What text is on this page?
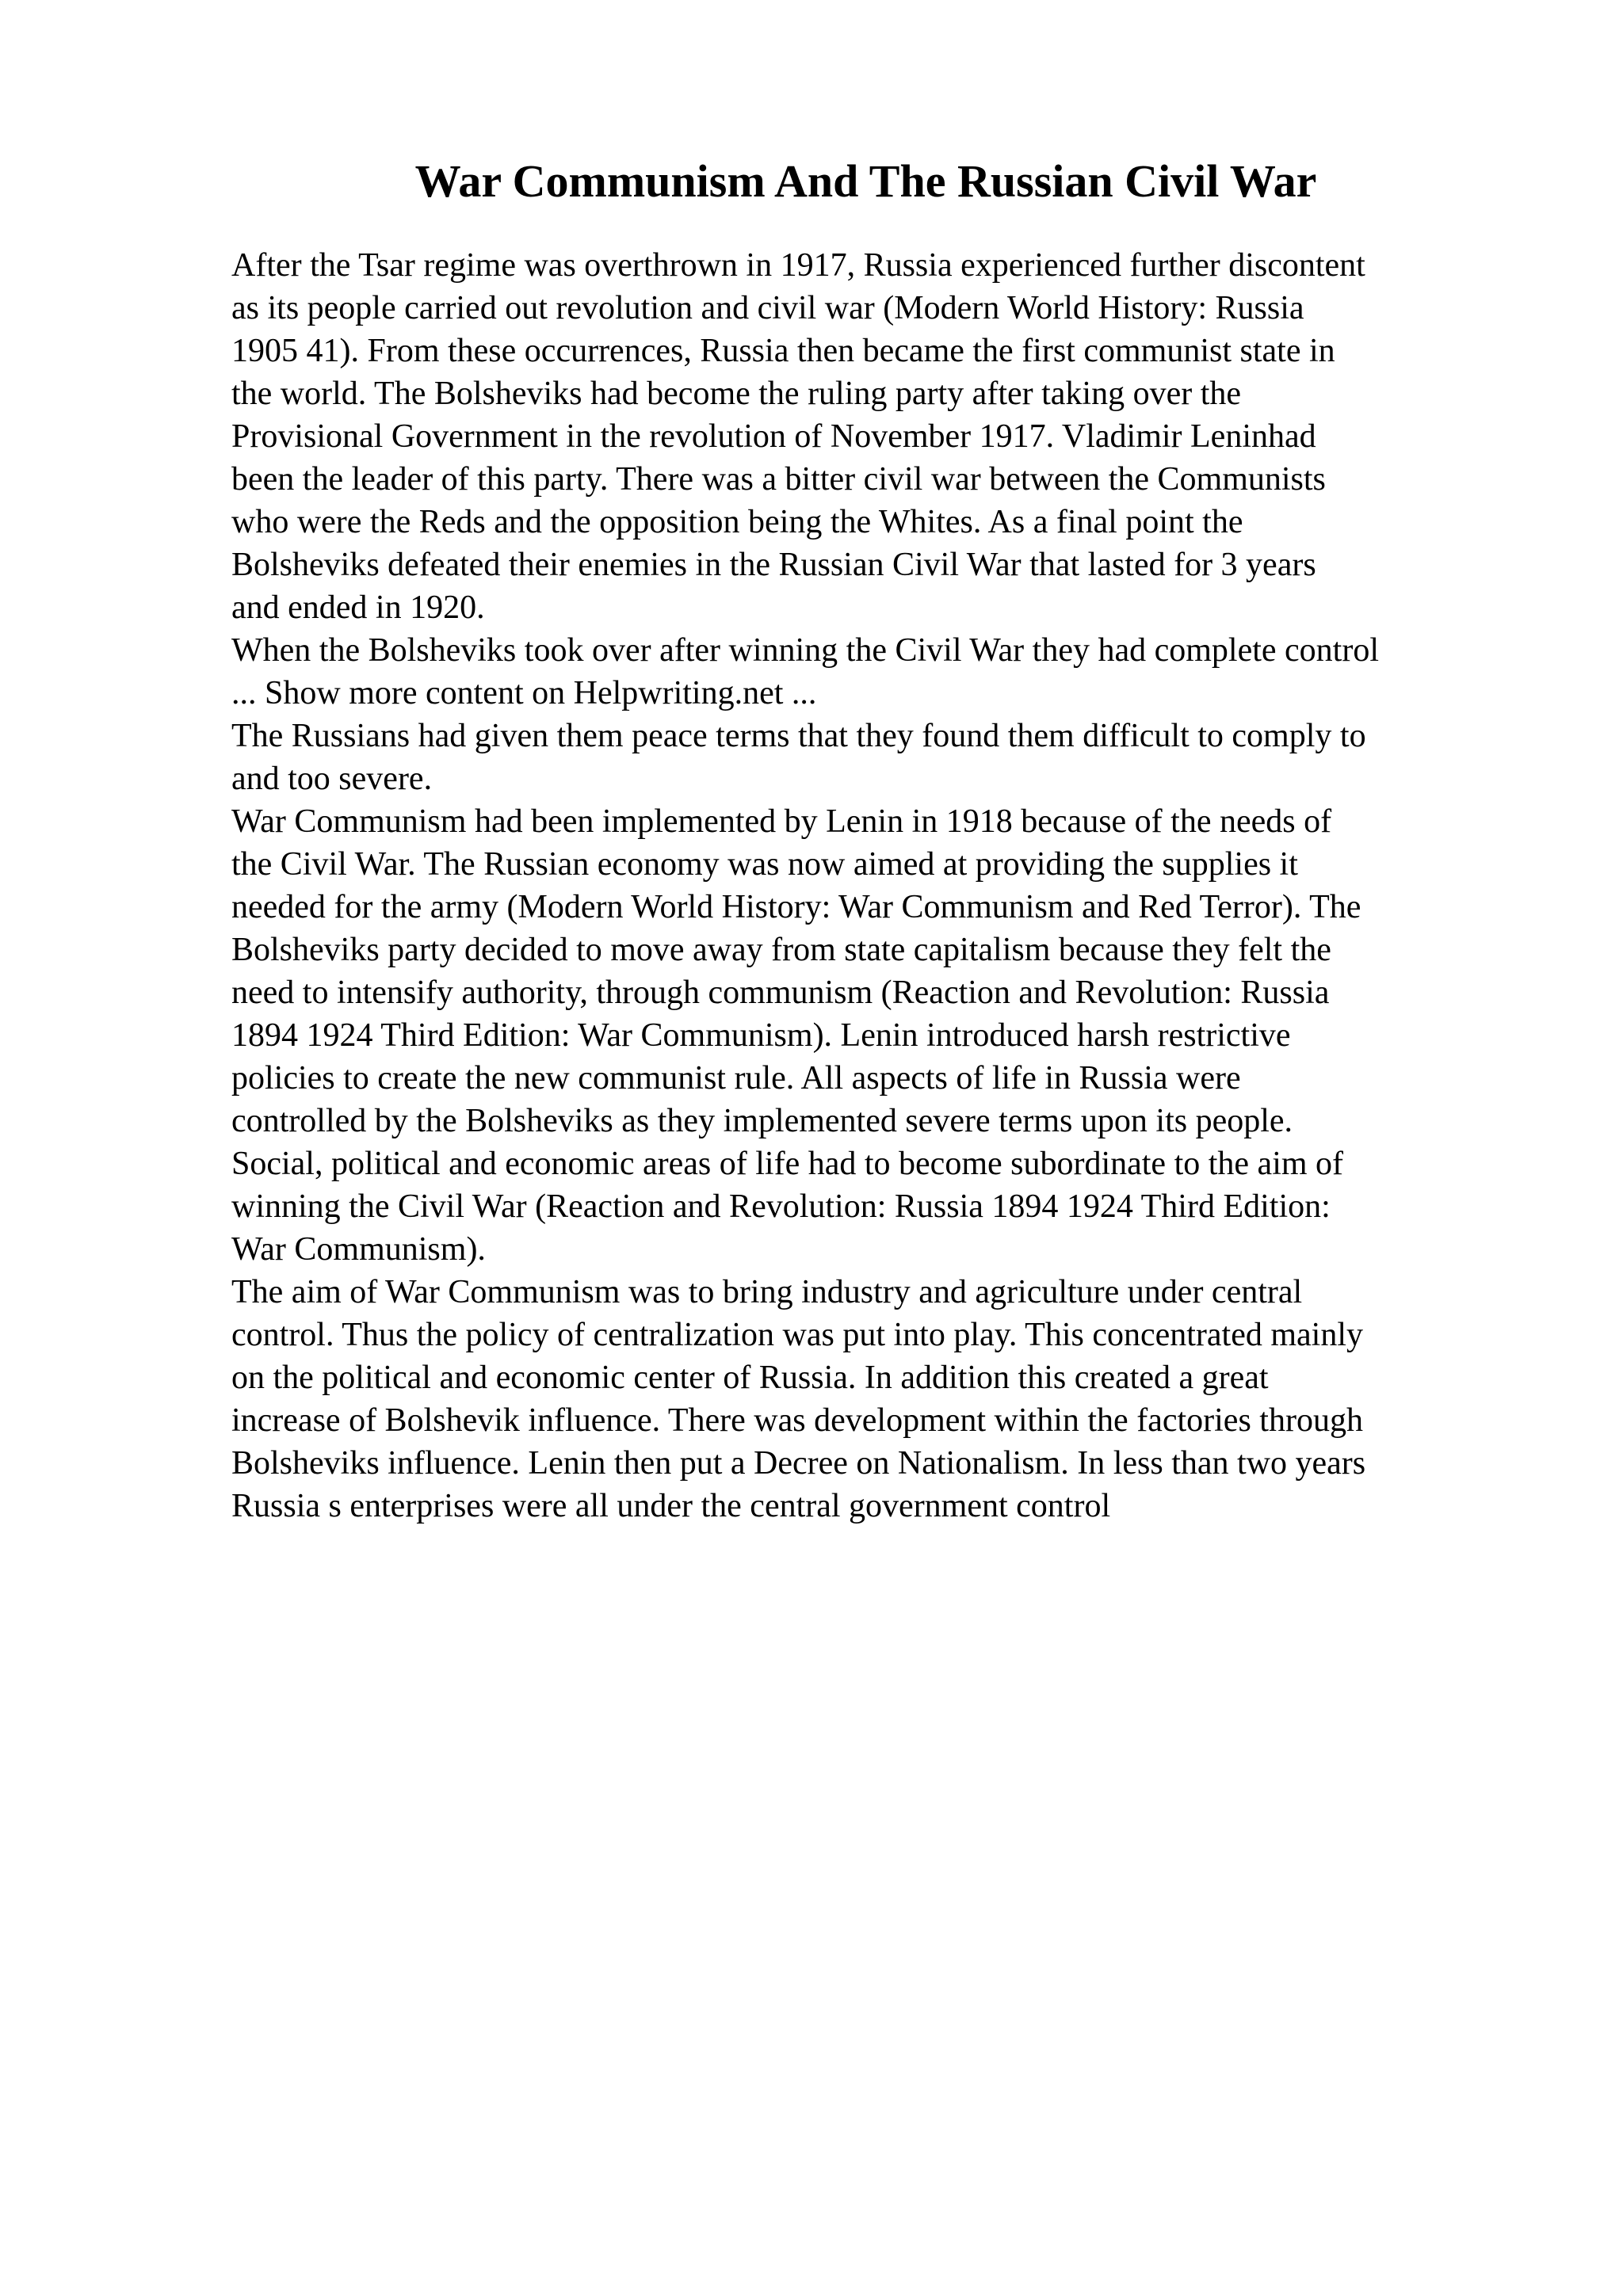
War Communism And The Russian Civil War
After the Tsar regime was overthrown in 1917, Russia experienced further discontent
as its people carried out revolution and civil war (Modern World History: Russia
1905 41). From these occurrences, Russia then became the first communist state in
the world. The Bolsheviks had become the ruling party after taking over the
Provisional Government in the revolution of November 1917. Vladimir Leninhad
been the leader of this party. There was a bitter civil war between the Communists
who were the Reds and the opposition being the Whites. As a final point the
Bolsheviks defeated their enemies in the Russian Civil War that lasted for 3 years
and ended in 1920.
When the Bolsheviks took over after winning the Civil War they had complete control
... Show more content on Helpwriting.net ...
The Russians had given them peace terms that they found them difficult to comply to
and too severe.
War Communism had been implemented by Lenin in 1918 because of the needs of
the Civil War. The Russian economy was now aimed at providing the supplies it
needed for the army (Modern World History: War Communism and Red Terror). The
Bolsheviks party decided to move away from state capitalism because they felt the
need to intensify authority, through communism (Reaction and Revolution: Russia
1894 1924 Third Edition: War Communism). Lenin introduced harsh restrictive
policies to create the new communist rule. All aspects of life in Russia were
controlled by the Bolsheviks as they implemented severe terms upon its people.
Social, political and economic areas of life had to become subordinate to the aim of
winning the Civil War (Reaction and Revolution: Russia 1894 1924 Third Edition:
War Communism).
The aim of War Communism was to bring industry and agriculture under central
control. Thus the policy of centralization was put into play. This concentrated mainly
on the political and economic center of Russia. In addition this created a great
increase of Bolshevik influence. There was development within the factories through
Bolsheviks influence. Lenin then put a Decree on Nationalism. In less than two years
Russia s enterprises were all under the central government control
